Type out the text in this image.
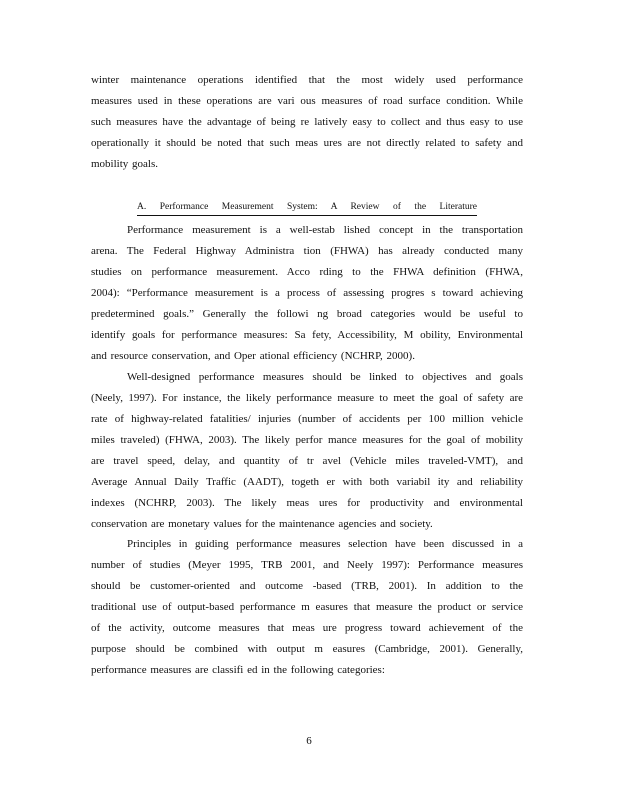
winter maintenance operations identified that the most widely used performance
measures used in these operations are vari ous measures of road surface condition. While
such measures have the advantage of being re latively easy to collect and thus easy to use
operationally it should be noted that such meas ures are not directly related to safety and
mobility goals.
A. Performance Measurement System: A Review of the Literature
Performance measurement is a well-estab lished concept in the transportation
arena. The Federal Highway Administra tion (FHWA) has already conducted many
studies on performance measurement. Acco rding to the FHWA definition (FHWA,
2004): “Performance measurement is a process of assessing progres s toward achieving
predetermined goals.” Generally the followi ng broad categories would be useful to
identify goals for performance measures: Sa fety, Accessibility, M obility, Environmental
and resource conservation, and Oper ational efficiency (NCHRP, 2000).
Well-designed performance measures should be linked to objectives and goals
(Neely, 1997). For instance, the likely performance measure to meet the goal of safety are
rate of highway-related fatalities/ injuries (number of accidents per 100 million vehicle
miles traveled) (FHWA, 2003). The likely perfor mance measures for the goal of mobility
are travel speed, delay, and quantity of tr avel (Vehicle miles traveled-VMT), and
Average Annual Daily Traffic (AADT), togeth er with both variabil ity and reliability
indexes (NCHRP, 2003). The likely meas ures for productivity and environmental
conservation are monetary values for the maintenance agencies and society.
Principles in guiding performance measures selection have been discussed in a
number of studies (Meyer 1995, TRB 2001, and Neely 1997): Performance measures
should be customer-oriented and outcome -based (TRB, 2001). In addition to the
traditional use of output-based performance m easures that measure the product or service
of the activity, outcome measures that meas ure progress toward achievement of the
purpose should be combined with output m easures (Cambridge, 2001). Generally,
performance measures are classifi ed in the following categories:
6
